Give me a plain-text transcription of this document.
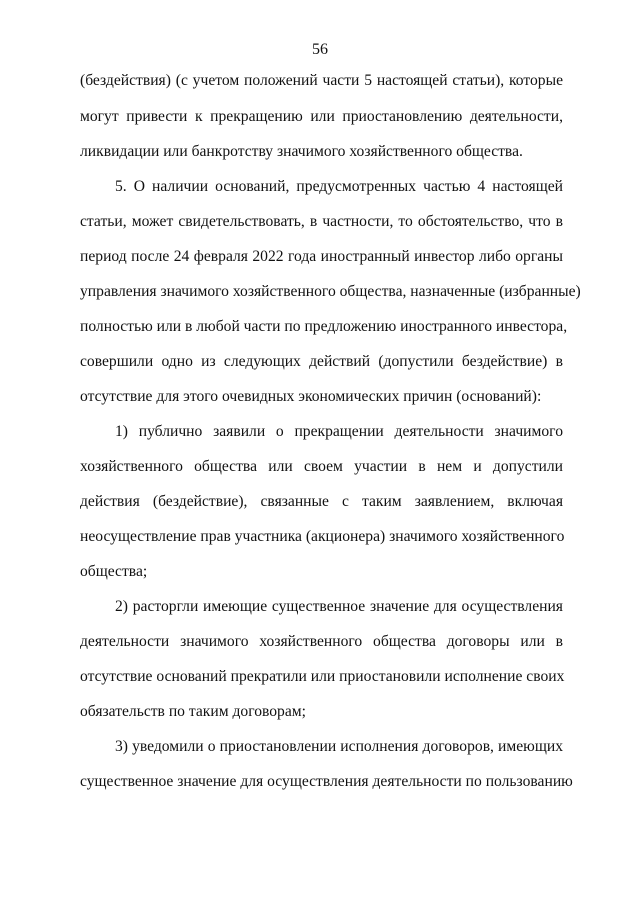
56
(бездействия) (с учетом положений части 5 настоящей статьи), которые
могут привести к прекращению или приостановлению деятельности,
ликвидации или банкротству значимого хозяйственного общества.
5. О наличии оснований, предусмотренных частью 4 настоящей
статьи, может свидетельствовать, в частности, то обстоятельство, что в
период после 24 февраля 2022 года иностранный инвестор либо органы
управления значимого хозяйственного общества, назначенные (избранные)
полностью или в любой части по предложению иностранного инвестора,
совершили одно из следующих действий (допустили бездействие) в
отсутствие для этого очевидных экономических причин (оснований):
1) публично заявили о прекращении деятельности значимого
хозяйственного общества или своем участии в нем и допустили
действия (бездействие), связанные с таким заявлением, включая
неосуществление прав участника (акционера) значимого хозяйственного
общества;
2) расторгли имеющие существенное значение для осуществления
деятельности значимого хозяйственного общества договоры или в
отсутствие оснований прекратили или приостановили исполнение своих
обязательств по таким договорам;
3) уведомили о приостановлении исполнения договоров, имеющих
существенное значение для осуществления деятельности по пользованию
